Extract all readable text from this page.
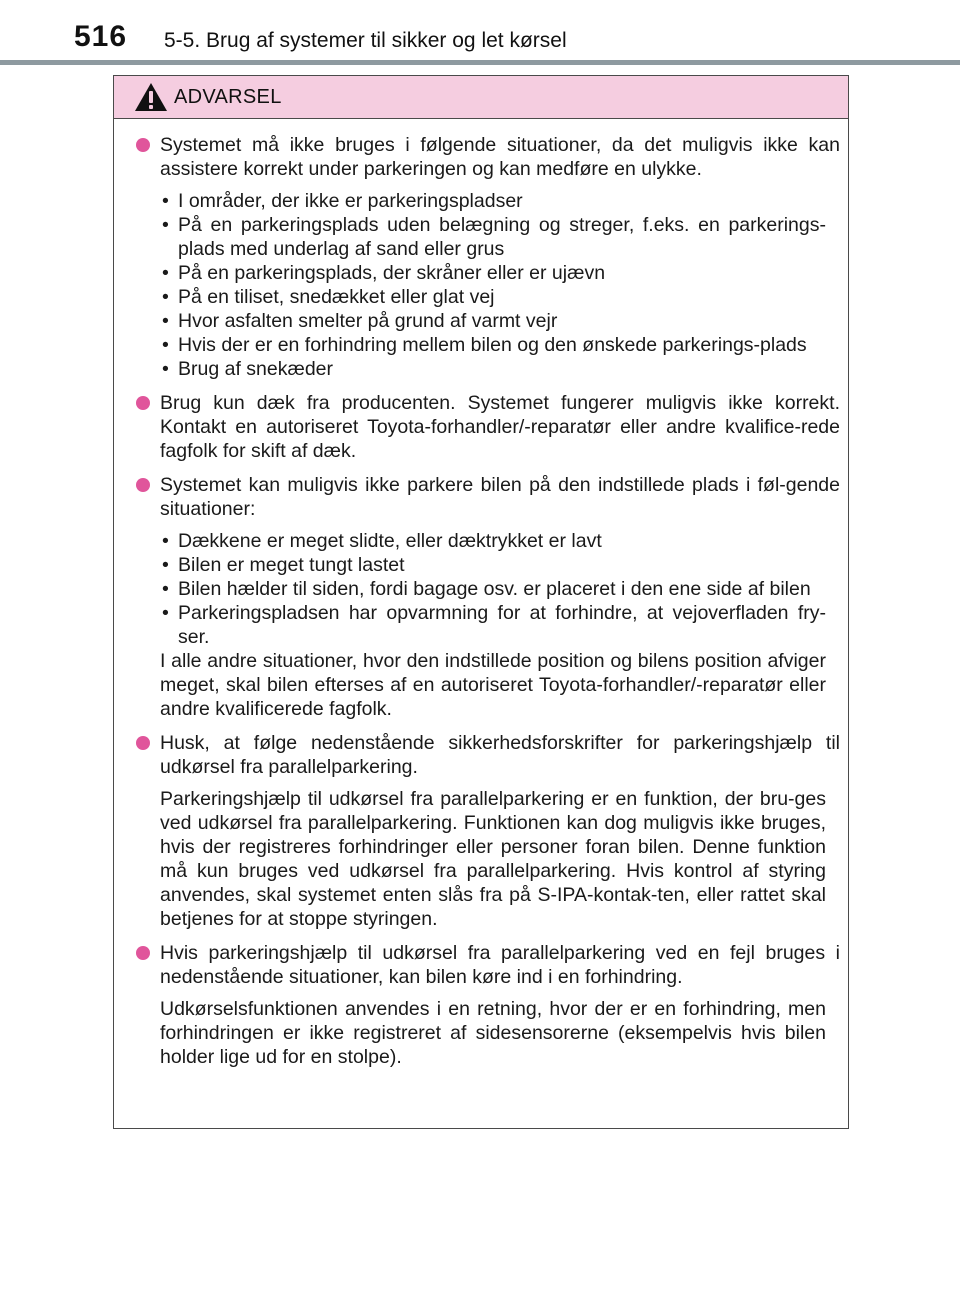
516 5-5. Brug af systemer til sikker og let kørsel
ADVARSEL
Systemet må ikke bruges i følgende situationer, da det muligvis ikke kan assistere korrekt under parkeringen og kan medføre en ulykke.
• I områder, der ikke er parkeringspladser
• På en parkeringsplads uden belægning og streger, f.eks. en parkerings-plads med underlag af sand eller grus
• På en parkeringsplads, der skråner eller er ujævn
• På en tiliset, snedækket eller glat vej
• Hvor asfalten smelter på grund af varmt vejr
• Hvis der er en forhindring mellem bilen og den ønskede parkerings-plads
• Brug af snekæder
Brug kun dæk fra producenten. Systemet fungerer muligvis ikke korrekt. Kontakt en autoriseret Toyota-forhandler/-reparatør eller andre kvalifice-rede fagfolk for skift af dæk.
Systemet kan muligvis ikke parkere bilen på den indstillede plads i føl-gende situationer:
• Dækkene er meget slidte, eller dæktrykket er lavt
• Bilen er meget tungt lastet
• Bilen hælder til siden, fordi bagage osv. er placeret i den ene side af bilen
• Parkeringspladsen har opvarmning for at forhindre, at vejoverfladen fry-ser.
I alle andre situationer, hvor den indstillede position og bilens position afviger meget, skal bilen efterses af en autoriseret Toyota-forhandler/-reparatør eller andre kvalificerede fagfolk.
Husk, at følge nedenstående sikkerhedsforskrifter for parkeringshjælp til udkørsel fra parallelparkering.
Parkeringshjælp til udkørsel fra parallelparkering er en funktion, der bru-ges ved udkørsel fra parallelparkering. Funktionen kan dog muligvis ikke bruges, hvis der registreres forhindringer eller personer foran bilen. Denne funktion må kun bruges ved udkørsel fra parallelparkering. Hvis kontrol af styring anvendes, skal systemet enten slås fra på S-IPA-kontak-ten, eller rattet skal betjenes for at stoppe styringen.
Hvis parkeringshjælp til udkørsel fra parallelparkering ved en fejl bruges i nedenstående situationer, kan bilen køre ind i en forhindring.
Udkørselsfunktionen anvendes i en retning, hvor der er en forhindring, men forhindringen er ikke registreret af sidesensorerne (eksempelvis hvis bilen holder lige ud for en stolpe).
